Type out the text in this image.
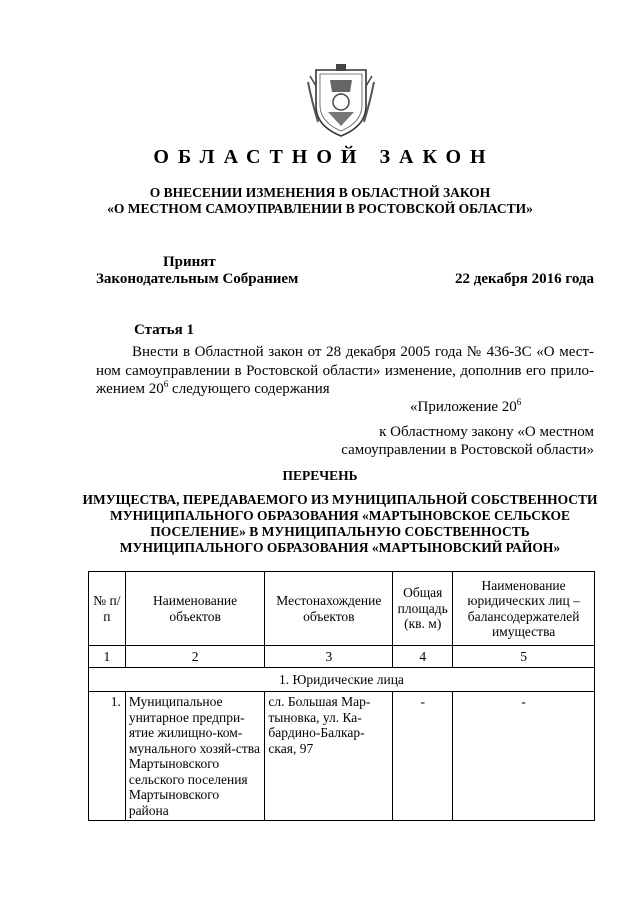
ОБЛАСТНОЙ ЗАКОН
О ВНЕСЕНИИ ИЗМЕНЕНИЯ В ОБЛАСТНОЙ ЗАКОН
«О МЕСТНОМ САМОУПРАВЛЕНИИ В РОСТОВСКОЙ ОБЛАСТИ»
Принят
Законодательным Собранием	22 декабря 2016 года
Статья 1
Внести в Областной закон от 28 декабря 2005 года № 436-ЗС «О мест-ном самоуправлении в Ростовской области» изменение, дополнив его прило-жением $20^6$ следующего содержания
«Приложение $20^6$
к Областному закону «О местном
самоуправлении в Ростовской области»
ПЕРЕЧЕНЬ
ИМУЩЕСТВА, ПЕРЕДАВАЕМОГО ИЗ МУНИЦИПАЛЬНОЙ СОБСТВЕННОСТИ
МУНИЦИПАЛЬНОГО ОБРАЗОВАНИЯ «МАРТЫНОВСКОЕ СЕЛЬСКОЕ
ПОСЕЛЕНИЕ» В МУНИЦИПАЛЬНУЮ СОБСТВЕННОСТЬ
МУНИЦИПАЛЬНОГО ОБРАЗОВАНИЯ «МАРТЫНОВСКИЙ РАЙОН»
№ п/п	Наименование объектов	Местонахождение объектов	Общая площадь (кв. м)	Наименование юридических лиц – балансодержателей имущества
1	2	3	4	5
1. Юридические лица				
1.	Муниципальное унитарное предпри-ятие жилищно-ком-мунального хозяй-ства Мартыновского сельского поселения Мартыновского района	сл. Большая Мар-тыновка, ул. Ка-бардино-Балкар-ская, 97	-	-
